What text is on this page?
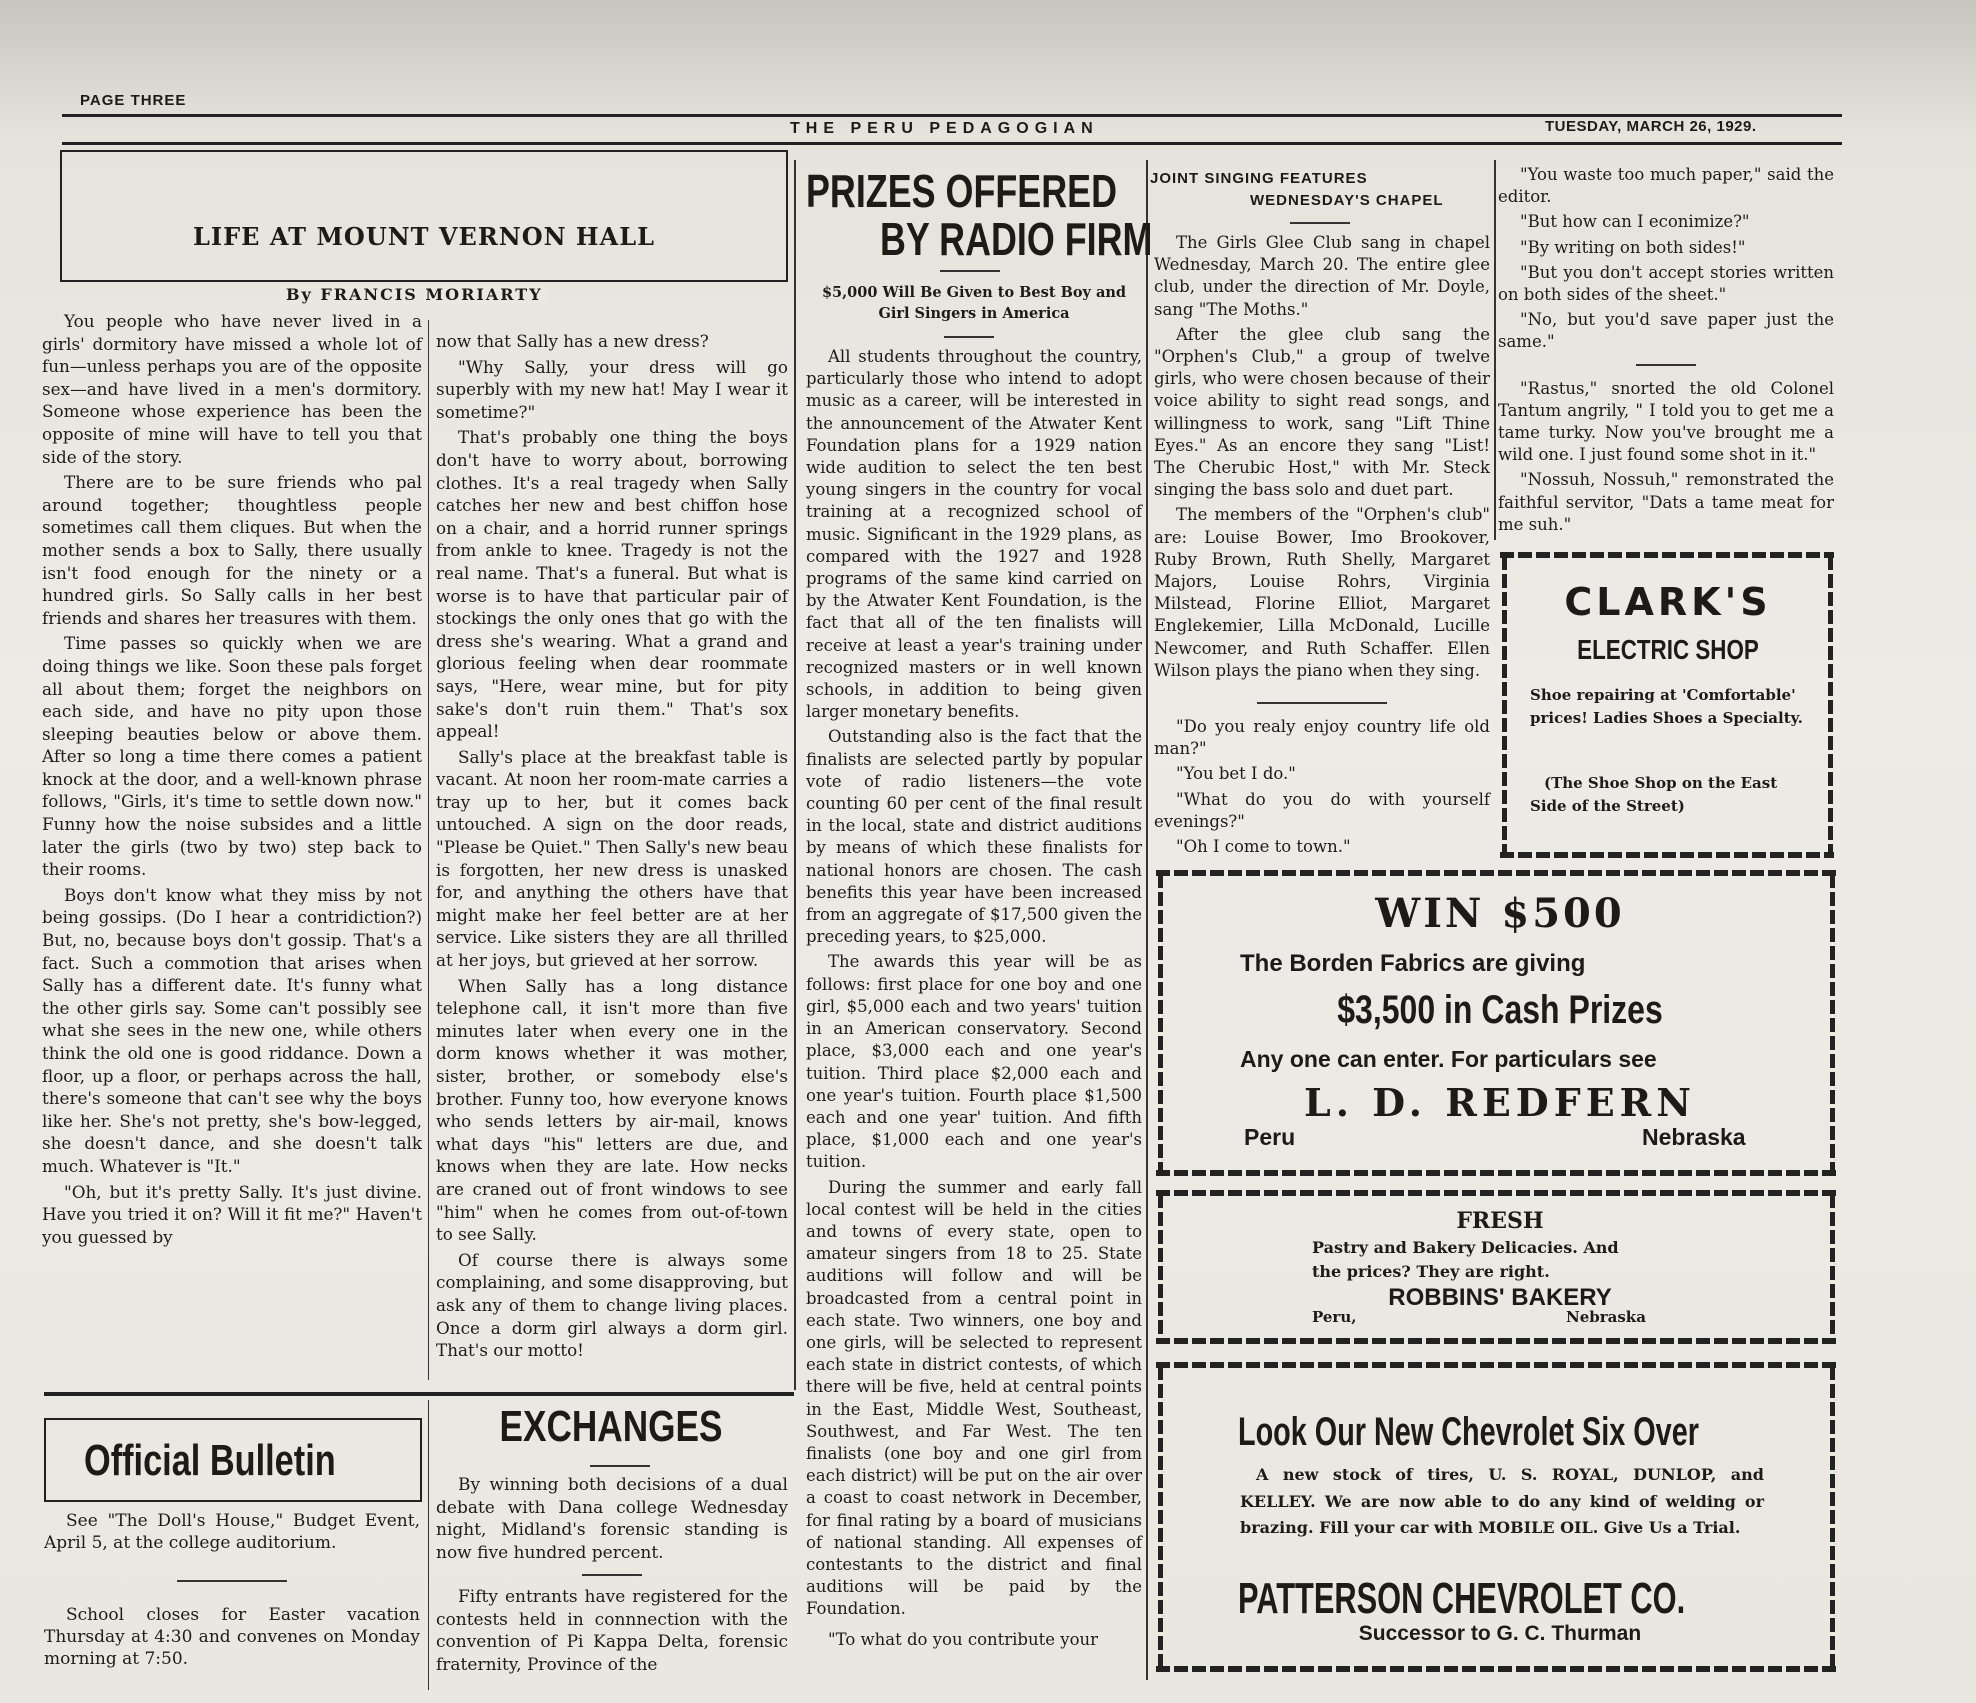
PAGE THREE
THE PERU PEDAGOGIAN	TUESDAY, MARCH 26, 1929.
LIFE AT MOUNT VERNON HALL
By FRANCIS MORIARTY

You people who have never lived in a girls' dormitory have missed a whole lot of fun—unless perhaps you are of the opposite sex—and have lived in a men's dormitory. Someone whose experience has been the opposite of mine will have to tell you that side of the story.

There are to be sure friends who pal around together; thoughtless people sometimes call them cliques. But when the mother sends a box to Sally, there usually isn't food enough for the ninety or a hundred girls. So Sally calls in her best friends and shares her treasures with them.

Time passes so quickly when we are doing things we like. Soon these pals forget all about them; forget the neighbors on each side, and have no pity upon those sleeping beauties below or above them. After so long a time there comes a patient knock at the door, and a well-known phrase follows, "Girls, it's time to settle down now." Funny how the noise subsides and a little later the girls (two by two) step back to their rooms.

Boys don't know what they miss by not being gossips. (Do I hear a contridiction?) But, no, because boys don't gossip. That's a fact. Such a commotion that arises when Sally has a different date. It's funny what the other girls say. Some can't possibly see what she sees in the new one, while others think the old one is good riddance. Down a floor, up a floor, or perhaps across the hall, there's someone that can't see why the boys like her. She's not pretty, she's bow-legged, she doesn't dance, and she doesn't talk much. Whatever is "It."

"Oh, but it's pretty Sally. It's just divine. Have you tried it on? Will it fit me?" Haven't you guessed by

now that Sally has a new dress?

"Why Sally, your dress will go superbly with my new hat! May I wear it sometime?"

That's probably one thing the boys don't have to worry about, borrowing clothes. It's a real tragedy when Sally catches her new and best chiffon hose on a chair, and a horrid runner springs from ankle to knee. Tragedy is not the real name. That's a funeral. But what is worse is to have that particular pair of stockings the only ones that go with the dress she's wearing. What a grand and glorious feeling when dear roommate says, "Here, wear mine, but for pity sake's don't ruin them." That's sox appeal!

Sally's place at the breakfast table is vacant. At noon her room-mate carries a tray up to her, but it comes back untouched. A sign on the door reads, "Please be Quiet." Then Sally's new beau is forgotten, her new dress is unasked for, and anything the others have that might make her feel better are at her service. Like sisters they are all thrilled at her joys, but grieved at her sorrow.

When Sally has a long distance telephone call, it isn't more than five minutes later when every one in the dorm knows whether it was mother, sister, brother, or somebody else's brother. Funny too, how everyone knows who sends letters by air-mail, knows what days "his" letters are due, and knows when they are late. How necks are craned out of front windows to see "him" when he comes from out-of-town to see Sally.

Of course there is always some complaining, and some disapproving, but ask any of them to change living places. Once a dorm girl always a dorm girl. That's our motto!

Official Bulletin

See "The Doll's House," Budget Event, April 5, at the college auditorium.

School closes for Easter vacation Thursday at 4:30 and convenes on Monday morning at 7:50.

EXCHANGES

By winning both decisions of a dual debate with Dana college Wednesday night, Midland's forensic standing is now five hundred percent.

Fifty entrants have registered for the contests held in connnection with the convention of Pi Kappa Delta, forensic fraternity, Province of the

PRIZES OFFERED
BY RADIO FIRM
$5,000 Will Be Given to Best Boy and Girl Singers in America

All students throughout the country, particularly those who intend to adopt music as a career, will be interested in the announcement of the Atwater Kent Foundation plans for a 1929 nation wide audition to select the ten best young singers in the country for vocal training at a recognized school of music. Significant in the 1929 plans, as compared with the 1927 and 1928 programs of the same kind carried on by the Atwater Kent Foundation, is the fact that all of the ten finalists will receive at least a year's training under recognized masters or in well known schools, in addition to being given larger monetary benefits.

Outstanding also is the fact that the finalists are selected partly by popular vote of radio listeners—the vote counting 60 per cent of the final result in the local, state and district auditions by means of which these finalists for national honors are chosen. The cash benefits this year have been increased from an aggregate of $17,500 given the preceding years, to $25,000.

The awards this year will be as follows: first place for one boy and one girl, $5,000 each and two years' tuition in an American conservatory. Second place, $3,000 each and one year's tuition. Third place $2,000 each and one year's tuition. Fourth place $1,500 each and one year' tuition. And fifth place, $1,000 each and one year's tuition.

During the summer and early fall local contest will be held in the cities and towns of every state, open to amateur singers from 18 to 25. State auditions will follow and will be broadcasted from a central point in each state. Two winners, one boy and one girls, will be selected to represent each state in district contests, of which there will be five, held at central points in the East, Middle West, Southeast, Southwest, and Far West. The ten finalists (one boy and one girl from each district) will be put on the air over a coast to coast network in December, for final rating by a board of musicians of national standing. All expenses of contestants to the district and final auditions will be paid by the Foundation.

"To what do you contribute your

JOINT SINGING FEATURES
WEDNESDAY'S CHAPEL

The Girls Glee Club sang in chapel Wednesday, March 20. The entire glee club, under the direction of Mr. Doyle, sang "The Moths."

After the glee club sang the "Orphen's Club," a group of twelve girls, who were chosen because of their voice ability to sight read songs, and willingness to work, sang "Lift Thine Eyes." As an encore they sang "List! The Cherubic Host," with Mr. Steck singing the bass solo and duet part.

The members of the "Orphen's club" are: Louise Bower, Imo Brookover, Ruby Brown, Ruth Shelly, Margaret Majors, Louise Rohrs, Virginia Milstead, Florine Elliot, Margaret Englekemier, Lilla McDonald, Lucille Newcomer, and Ruth Schaffer. Ellen Wilson plays the piano when they sing.

"Do you realy enjoy country life old man?"

"You bet I do."

"What do you do with yourself evenings?"

"Oh I come to town."

"You waste too much paper," said the editor.

"But how can I econimize?"

"By writing on both sides!"

"But you don't accept stories written on both sides of the sheet."

"No, but you'd save paper just the same."

"Rastus," snorted the old Colonel Tantum angrily, " I told you to get me a tame turky. Now you've brought me a wild one. I just found some shot in it."

"Nossuh, Nossuh," remonstrated the faithful servitor, "Dats a tame meat for me suh."

CLARK'S
ELECTRIC SHOP
Shoe repairing at 'Comfortable' prices! Ladies Shoes a Specialty.
(The Shoe Shop on the East Side of the Street)
WIN $500
The Borden Fabrics are giving
$3,500 in Cash Prizes
Any one can enter. For particulars see
L. D. REDFERN
Peru	Nebraska
FRESH
Pastry and Bakery Delicacies. And the prices? They are right.
ROBBINS' BAKERY
Peru,	Nebraska
Look Our New Chevrolet Six Over
A new stock of tires, U. S. ROYAL, DUNLOP, and KELLEY. We are now able to do any kind of welding or brazing. Fill your car with MOBILE OIL. Give Us a Trial.
PATTERSON CHEVROLET CO.
Successor to G. C. Thurman
